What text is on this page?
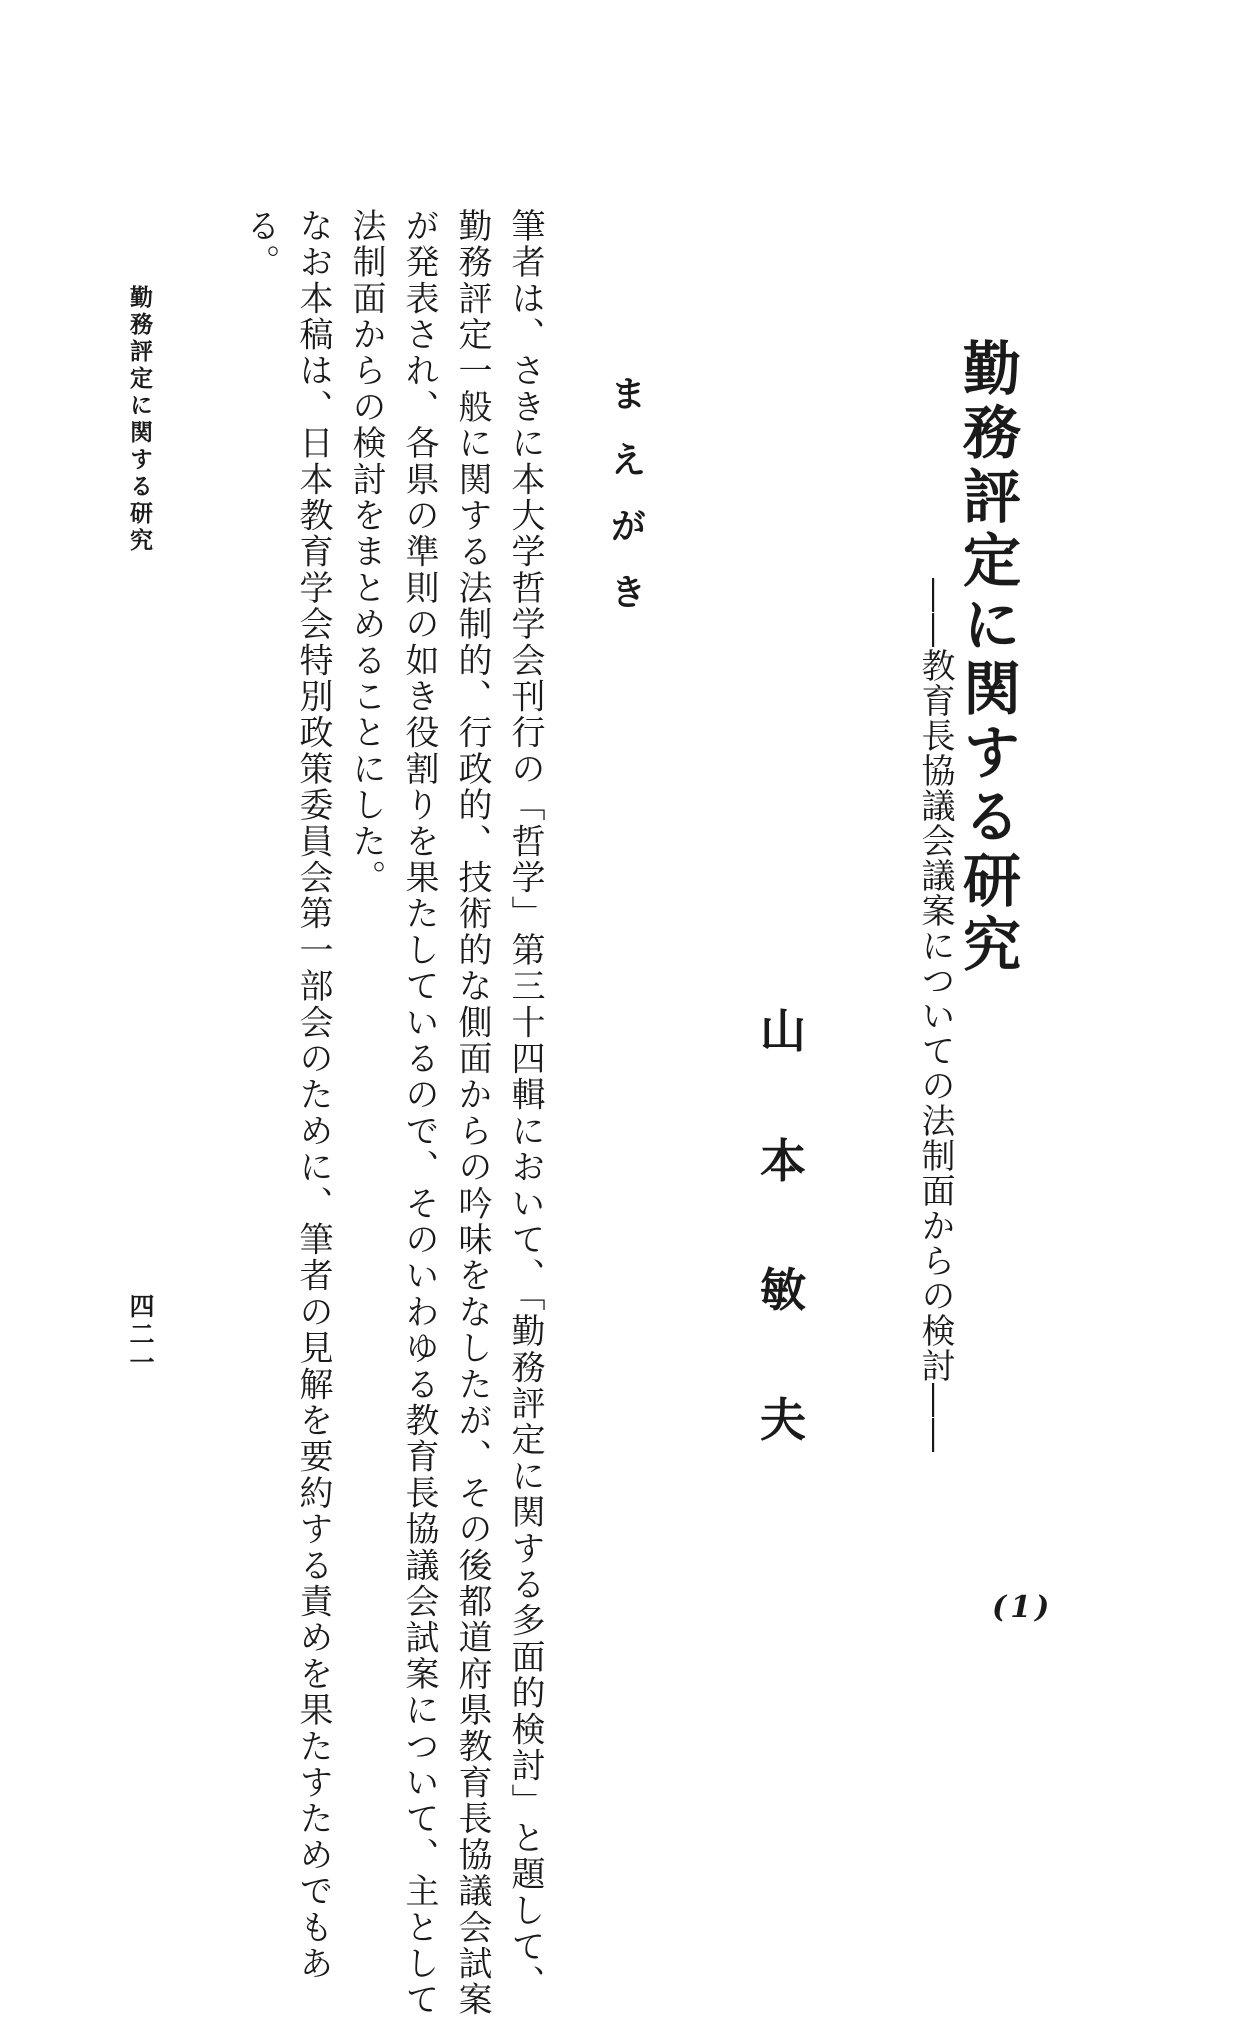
勤務評定に関する研究
――教育長協議会議案についての法制面からの検討――
山
本
敏
夫
まえがき
筆者は、さきに本大学哲学会刊行の「哲学」第三十四輯において、「勤務評定に関する多面的検討」と題して、
勤務評定一般に関する法制的、行政的、技術的な側面からの吟味をなしたが、その後都道府県教育長協議会試案
が発表され、各県の準則の如き役割りを果たしているので、そのいわゆる教育長協議会試案について、主として
法制面からの検討をまとめることにした。
なお本稿は、日本教育学会特別政策委員会第一部会のために、筆者の見解を要約する責めを果たすためでもあ
る。
勤務評定に関する研究
四二一
(1)
